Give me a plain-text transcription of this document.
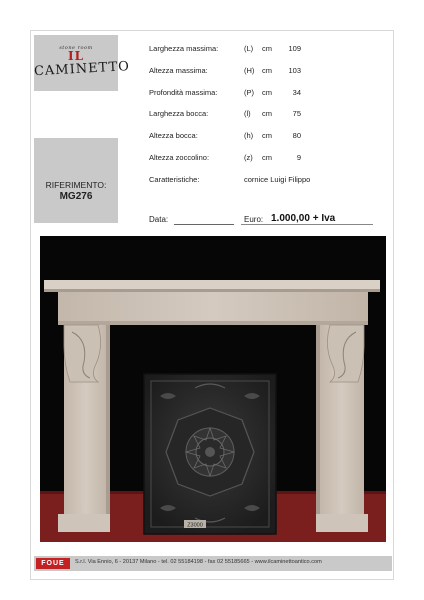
stone room
IL
CAMINETTO
RIFERIMENTO:
MG276
Larghezza massima:	(L) cm	109
Altezza massima:	(H) cm	103
Profondità massima:	(P) cm	34
Larghezza bocca:	(l) cm	75
Altezza bocca:	(h) cm	80
Altezza zoccolino:	(z) cm	9
Caratteristiche:	cornice Luigi Filippo
Data:	Euro: 1.000,00 + Iva
Z3000
FOUE	S.r.l. Via Ennio, 6 - 20137 Milano - tel. 02 55184198 - fax 02 55185665 - www.ilcaminettoantico.com
